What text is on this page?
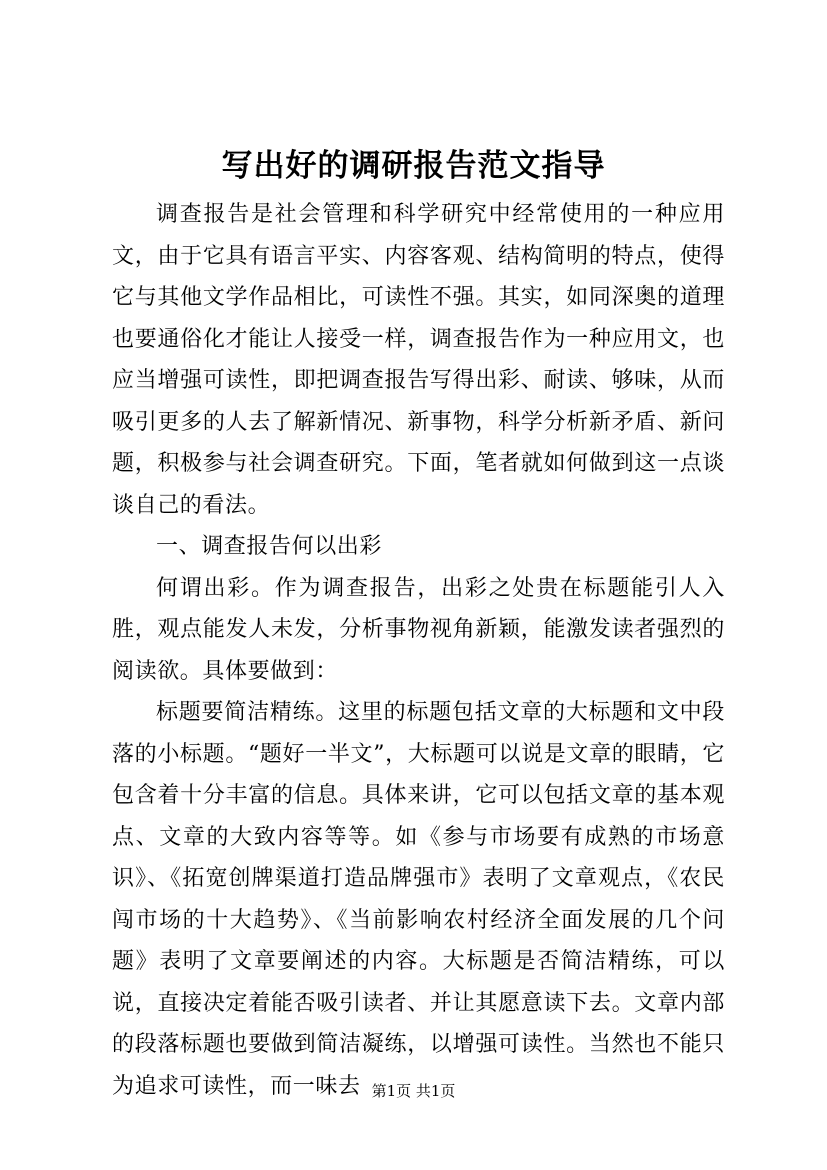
写出好的调研报告范文指导

调查报告是社会管理和科学研究中经常使用的一种应用文，由于它具有语言平实、内容客观、结构简明的特点，使得它与其他文学作品相比，可读性不强。其实，如同深奥的道理也要通俗化才能让人接受一样，调查报告作为一种应用文，也应当增强可读性，即把调查报告写得出彩、耐读、够味，从而吸引更多的人去了解新情况、新事物，科学分析新矛盾、新问题，积极参与社会调查研究。下面，笔者就如何做到这一点谈谈自己的看法。

一、调查报告何以出彩

何谓出彩。作为调查报告，出彩之处贵在标题能引人入胜，观点能发人未发，分析事物视角新颖，能激发读者强烈的阅读欲。具体要做到：

标题要简洁精练。这里的标题包括文章的大标题和文中段落的小标题。“题好一半文”，大标题可以说是文章的眼睛，它包含着十分丰富的信息。具体来讲，它可以包括文章的基本观点、文章的大致内容等等。如《参与市场要有成熟的市场意识》、《拓宽创牌渠道打造品牌强市》表明了文章观点，《农民闯市场的十大趋势》、《当前影响农村经济全面发展的几个问题》表明了文章要阐述的内容。大标题是否简洁精练，可以说，直接决定着能否吸引读者、并让其愿意读下去。文章内部的段落标题也要做到简洁凝练，以增强可读性。当然也不能只为追求可读性，而一味去 第1页 共1页
